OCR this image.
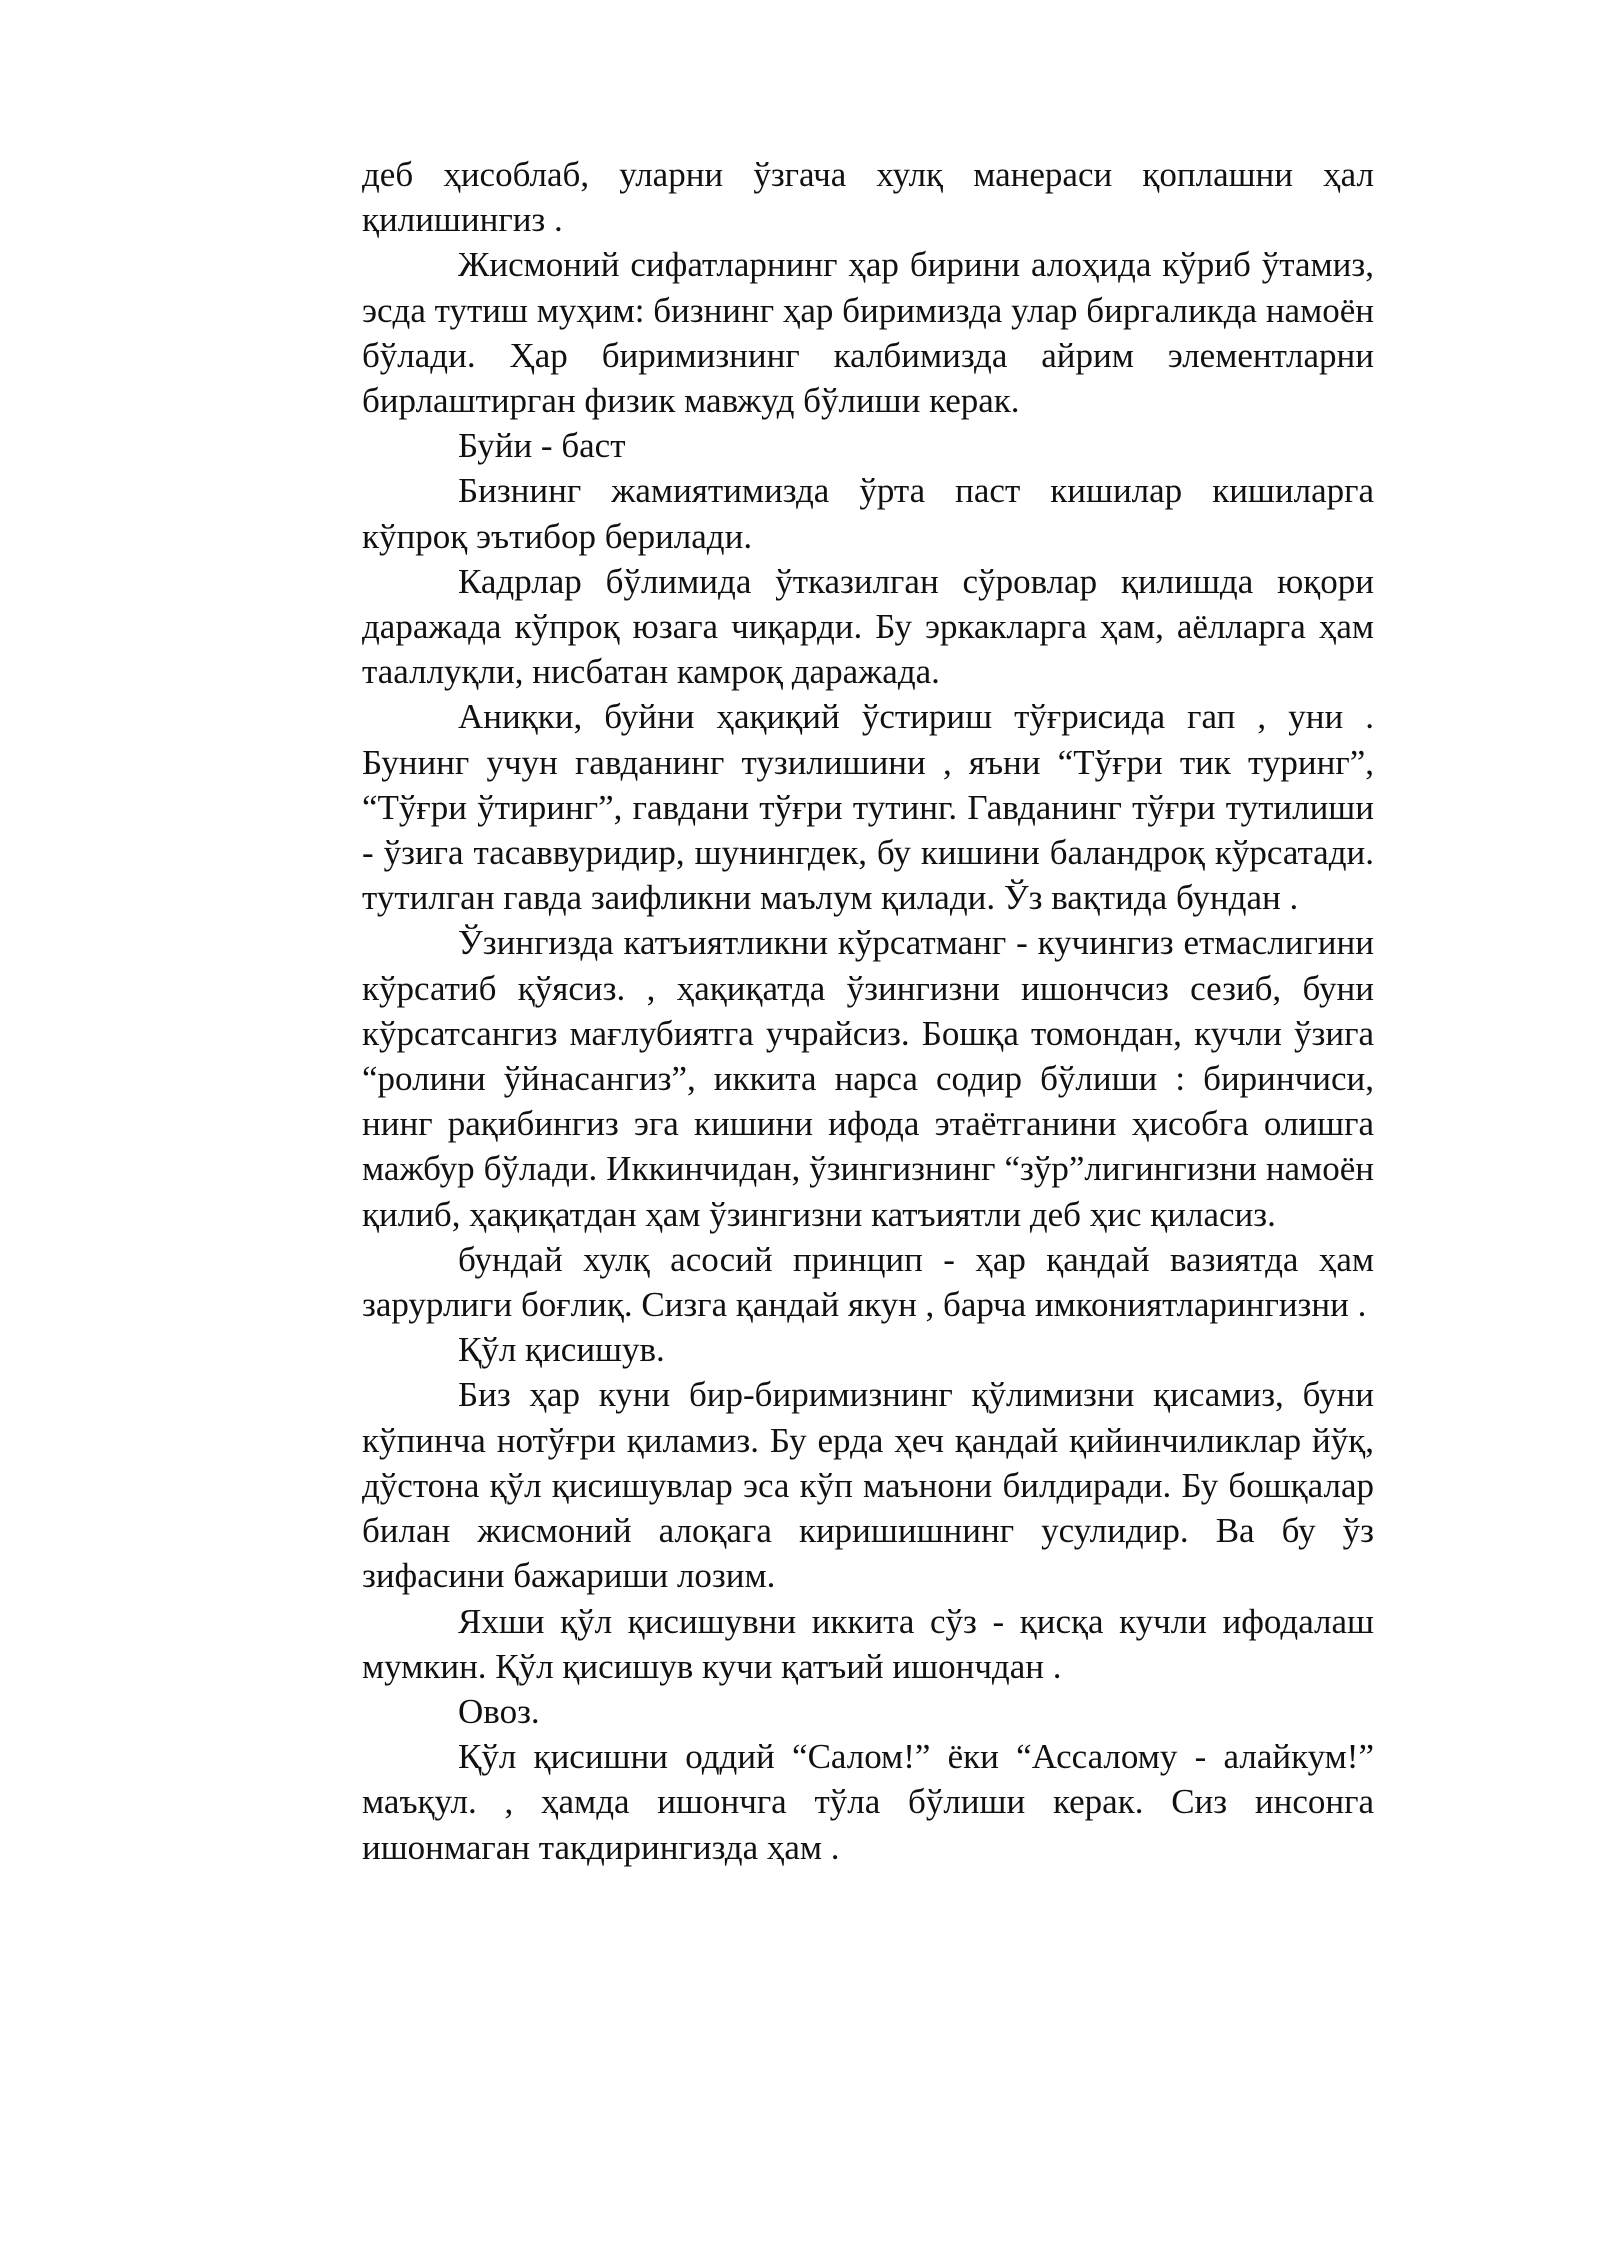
деб ҳисоблаб, уларни ўзгача хулқ манераси қоплашни ҳал қилишингиз .

Жисмоний сифатларнинг ҳар бирини алоҳида кўриб ўтамиз, эсда тутиш муҳим: бизнинг ҳар биримизда улар биргаликда намоён бўлади. Ҳар биримизнинг калбимизда айрим элементларни бирлаштирган физик мавжуд бўлиши керак.

Буйи - баст

Бизнинг жамиятимизда ўрта паст кишилар кишиларга кўпроқ эътибор берилади.

Кадрлар бўлимида ўтказилган сўровлар қилишда юқори даражада кўпроқ юзага чиқарди. Бу эркакларга ҳам, аёлларга ҳам тааллуқли, нисбатан камроқ даражада.

Аниқки, буйни ҳақиқий ўстириш тўғрисида гап , уни . Бунинг учун гавданинг тузилишини , яъни “Тўғри тик туринг”, “Тўғри ўтиринг”, гавдани тўғри тутинг. Гавданинг тўғри тутилиши - ўзига тасаввуридир, шунингдек, бу кишини баландроқ кўрсатади. тутилган гавда заифликни маълум қилади. Ўз вақтида бундан .

Ўзингизда катъиятликни кўрсатманг - кучингиз етмаслигини кўрсатиб қўясиз. , ҳақиқатда ўзингизни ишончсиз сезиб, буни кўрсатсангиз мағлубиятга учрайсиз. Бошқа томондан, кучли ўзига “ролини ўйнасангиз”, иккита нарса содир бўлиши : биринчиси, нинг рақибингиз эга кишини ифода этаётганини ҳисобга олишга мажбур бўлади. Иккинчидан, ўзингизнинг “зўр”лигингизни намоён қилиб, ҳақиқатдан ҳам ўзингизни катъиятли деб ҳис қиласиз.

бундай хулқ асосий принцип - ҳар қандай вазиятда ҳам зарурлиги боғлиқ. Сизга қандай якун , барча имкониятларингизни .

Қўл қисишув.

Биз ҳар куни бир-биримизнинг қўлимизни қисамиз, буни кўпинча нотўғри қиламиз. Бу ерда ҳеч қандай қийинчиликлар йўқ, дўстона қўл қисишувлар эса кўп маънони билдиради. Бу бошқалар билан жисмоний алоқага киришишнинг усулидир. Ва бу ўз зифасини бажариши лозим.

Яхши қўл қисишувни иккита сўз - қисқа кучли ифодалаш мумкин. Қўл қисишув кучи қатъий ишончдан .

Овоз.

Қўл қисишни оддий “Салом!” ёки “Ассалому - алайкум!” маъқул. , ҳамда ишончга тўла бўлиши керак. Сиз инсонга ишонмаган такдирингизда ҳам .
